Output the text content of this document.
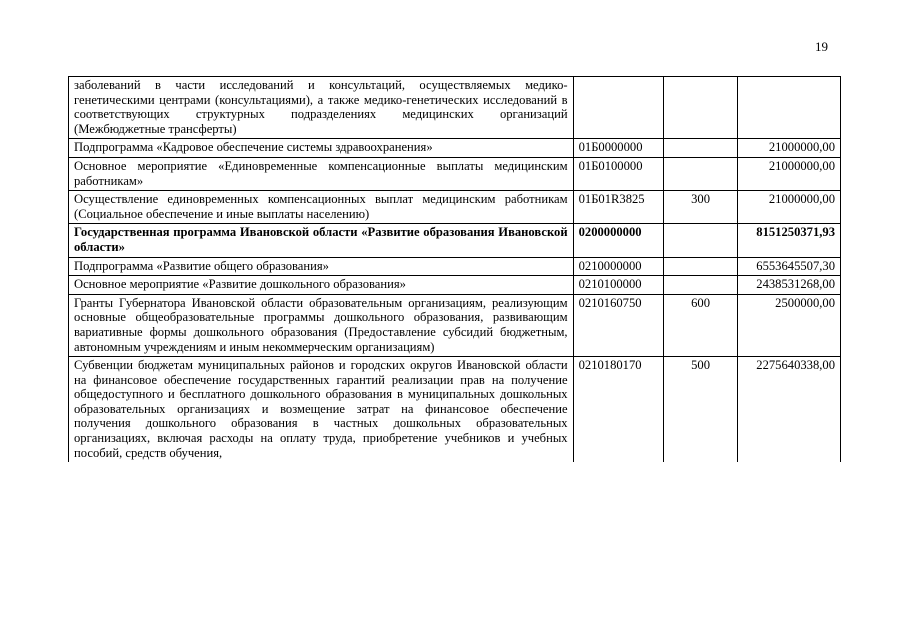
19
заболеваний в части исследований и консультаций, осуществляемых медико-генетическими центрами (консультациями), а также медико-генетических исследований в соответствующих структурных подразделениях медицинских организаций (Межбюджетные трансферты)			
Подпрограмма «Кадровое обеспечение системы здравоохранения»	01Б0000000		21000000,00
Основное мероприятие «Единовременные компенсационные выплаты медицинским работникам»	01Б0100000		21000000,00
Осуществление единовременных компенсационных выплат медицинским работникам (Социальное обеспечение и иные выплаты населению)	01Б01R3825	300	21000000,00
Государственная программа Ивановской области «Развитие образования Ивановской области»	0200000000		8151250371,93
Подпрограмма «Развитие общего образования»	0210000000		6553645507,30
Основное мероприятие «Развитие дошкольного образования»	0210100000		2438531268,00
Гранты Губернатора Ивановской области образовательным организациям, реализующим основные общеобразовательные программы дошкольного образования, развивающим вариативные формы дошкольного образования (Предоставление субсидий бюджетным, автономным учреждениям и иным некоммерческим организациям)	0210160750	600	2500000,00
Субвенции бюджетам муниципальных районов и городских округов Ивановской области на финансовое обеспечение государственных гарантий реализации прав на получение общедоступного и бесплатного дошкольного образования в муниципальных дошкольных образовательных организациях и возмещение затрат на финансовое обеспечение получения дошкольного образования в частных дошкольных образовательных организациях, включая расходы на оплату труда, приобретение учебников и учебных пособий, средств обучения,	0210180170	500	2275640338,00
